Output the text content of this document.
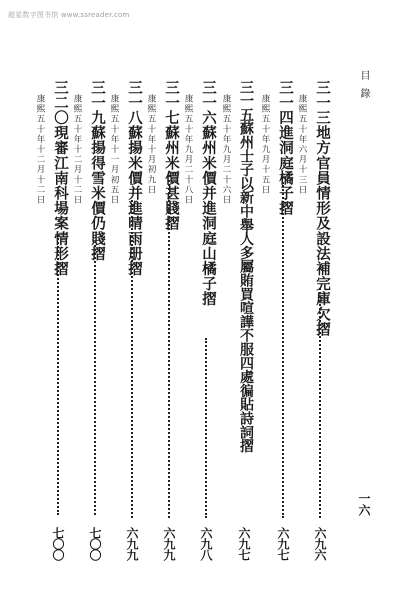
超星数字图书馆 www.ssreader.com
目錄
一六
三一三地方官員情形及設法補完庫欠摺
康熙五十年六月十三日
六九六
三一四進洞庭橘子摺
康熙五十年九月十五日
六九七
三一五蘇州士子以新中舉人多屬賄買喧譁不服四處徧貼詩詞摺
康熙五十年九月二十六日
六九七
三一六蘇州米價并進洞庭山橘子摺
康熙五十年九月二十八日
六九八
三一七蘇州米價甚賤摺
康熙五十年十月初九日
六九九
三一八蘇揚米價并進晴雨册摺
康熙五十年十一月初五日
六九九
三一九蘇揚得雪米價仍賤摺
康熙五十年十二月十二日
七〇〇
三二〇現審江南科場案情形摺
康熙五十年十二月十二日
七〇〇
